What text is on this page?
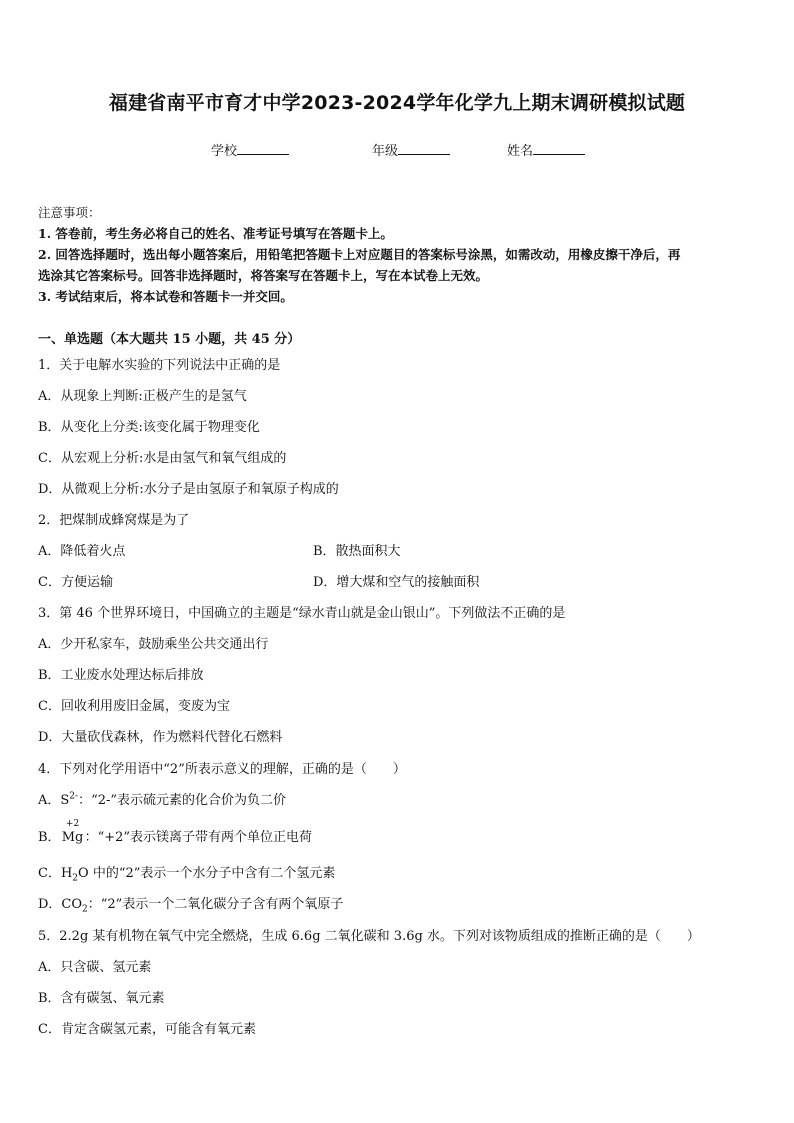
福建省南平市育才中学2023-2024学年化学九上期末调研模拟试题
学校	年级	姓名
注意事项：
1. 答卷前，考生务必将自己的姓名、准考证号填写在答题卡上。
2. 回答选择题时，选出每小题答案后，用铅笔把答题卡上对应题目的答案标号涂黑，如需改动，用橡皮擦干净后，再
选涂其它答案标号。回答非选择题时，将答案写在答题卡上，写在本试卷上无效。
3. 考试结束后，将本试卷和答题卡一并交回。
一、单选题（本大题共 15 小题，共 45 分）
1．关于电解水实验的下列说法中正确的是
A．从现象上判断:正极产生的是氢气
B．从变化上分类:该变化属于物理变化
C．从宏观上分析:水是由氢气和氧气组成的
D．从微观上分析:水分子是由氢原子和氧原子构成的
2．把煤制成蜂窝煤是为了
A．降低着火点	B．散热面积大
C．方便运输	D．增大煤和空气的接触面积
3．第 46 个世界环境日，中国确立的主题是“绿水青山就是金山银山”。下列做法不正确的是
A．少开私家车，鼓励乘坐公共交通出行
B．工业废水处理达标后排放
C．回收利用废旧金属，变废为宝
D．大量砍伐森林，作为燃料代替化石燃料
4．下列对化学用语中“2”所表示意义的理解，正确的是（　　）
A．$S^{2-}$：“2-”表示硫元素的化合价为负二价
B．
+2
Mg：“+2”表示镁离子带有两个单位正电荷
C．$H_2O$ 中的“2”表示一个水分子中含有二个氢元素
D．$CO_2$：“2”表示一个二氧化碳分子含有两个氧原子
5．2.2g 某有机物在氧气中完全燃烧，生成 6.6g 二氧化碳和 3.6g 水。下列对该物质组成的推断正确的是（　　）
A．只含碳、氢元素
B．含有碳氢、氧元素
C．肯定含碳氢元素，可能含有氧元素
